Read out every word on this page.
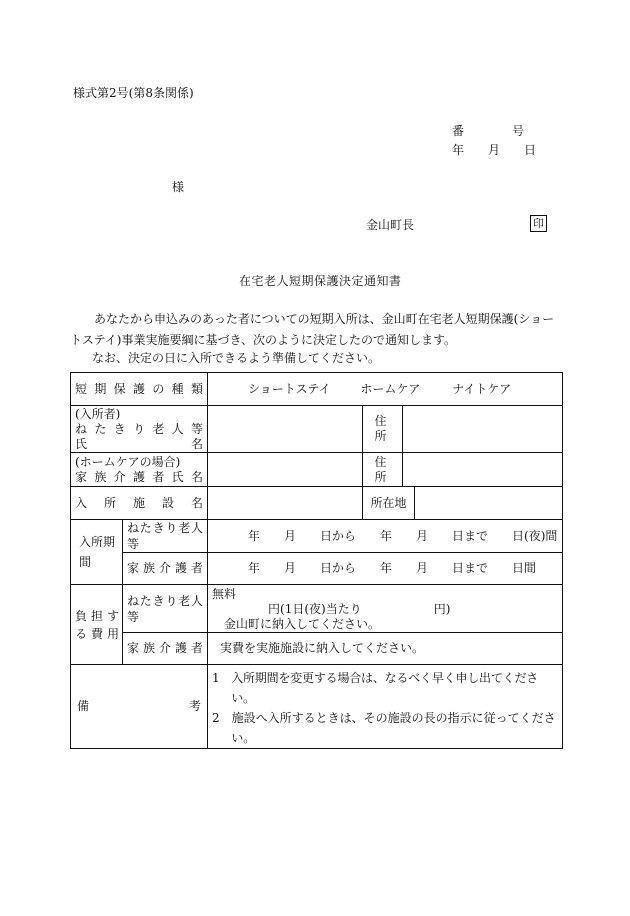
様式第2号(第8条関係)
番　　　　号
年　　月　　日
様
金山町長	印
在宅老人短期保護決定通知書
あなたから申込みのあった者についての短期入所は、金山町在宅老人短期保護(ショートステイ)事業実施要綱に基づき、次のように決定したので通知します。
なお、決定の日に入所できるよう準備してください。
短期保護の種類		ショートステイ ホームケア ナイトケア			

(入所者)
ねたきり老人等
氏名			住所		

(ホームケアの場合)
家族介護者氏名			住所		

入所施設名			所在地		

入所期間	ねたきり老人等	年　　月　　日から　　年　　月　　日まで　　日(夜)間			

	家族介護者	年　　月　　日から　　年　　月　　日まで　　日間			

負担する費用	ねたきり老人等	無料
円(1日(夜)当たり　　　　　　円)
金山町に納入してください。			

	家族介護者	実費を実施施設に納入してください。			

備 考		1　入所期間を変更する場合は、なるべく早く申し出てください。
2　施設へ入所するときは、その施設の長の指示に従ってください。			
